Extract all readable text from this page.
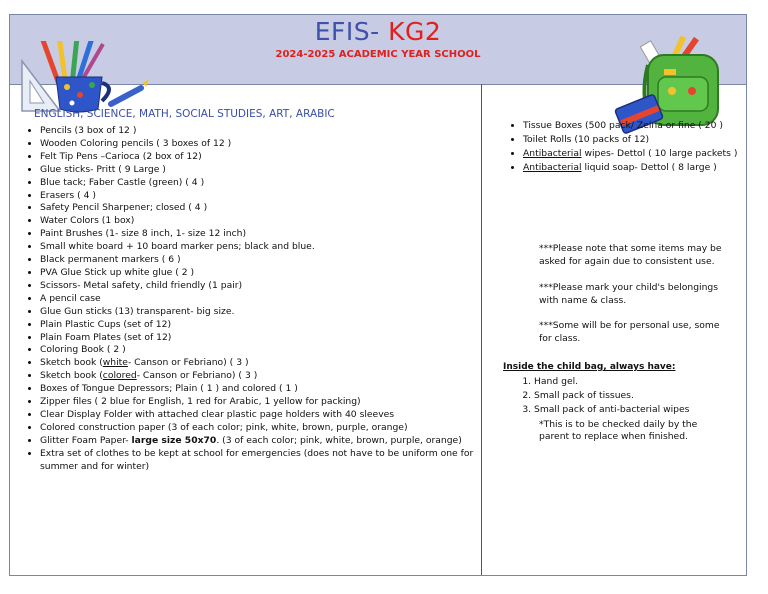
EFIS- KG2
2024-2025 ACADEMIC YEAR SCHOOL
ENGLISH, SCIENCE, MATH, SOCIAL STUDIES, ART, ARABIC
• Pencils (3 box of 12 )
• Wooden Coloring pencils ( 3 boxes of 12 )
• Felt Tip Pens –Carioca (2 box of 12)
• Glue sticks- Pritt ( 9 Large )
• Blue tack; Faber Castle (green) ( 4 )
• Erasers ( 4 )
• Safety Pencil Sharpener; closed ( 4 )
• Water Colors (1 box)
• Paint Brushes (1- size 8 inch, 1- size 12 inch)
• Small white board + 10 board marker pens; black and blue.
• Black permanent markers ( 6 )
• PVA Glue Stick up white glue ( 2 )
• Scissors- Metal safety, child friendly (1 pair)
• A pencil case
• Glue Gun sticks (13) transparent- big size.
• Plain Plastic Cups (set of 12)
• Plain Foam Plates (set of 12)
• Coloring Book ( 2 )
• Sketch book (white- Canson or Febriano) ( 3 )
• Sketch book (colored- Canson or Febriano) ( 3 )
• Boxes of Tongue Depressors; Plain ( 1 ) and colored ( 1 )
• Zipper files ( 2 blue for English, 1 red for Arabic, 1 yellow for packing)
• Clear Display Folder with attached clear plastic page holders with 40 sleeves
• Colored construction paper (3 of each color; pink, white, brown, purple, orange)
• Glitter Foam Paper- large size 50x70. (3 of each color; pink, white, brown, purple, orange)
• Extra set of clothes to be kept at school for emergencies (does not have to be uniform one for summer and for winter)
• Tissue Boxes (500 pack/ Zeina or fine ( 20 )
• Toilet Rolls (10 packs of 12)
• Antibacterial wipes- Dettol ( 10 large packets )
• Antibacterial liquid soap- Dettol ( 8 large )
***Please note that some items may be asked for again due to consistent use.
***Please mark your child's belongings with name & class.
***Some will be for personal use, some for class.
Inside the child bag, always have:
1. Hand gel.
2. Small pack of tissues.
3. Small pack of anti-bacterial wipes
*This is to be checked daily by the parent to replace when finished.
